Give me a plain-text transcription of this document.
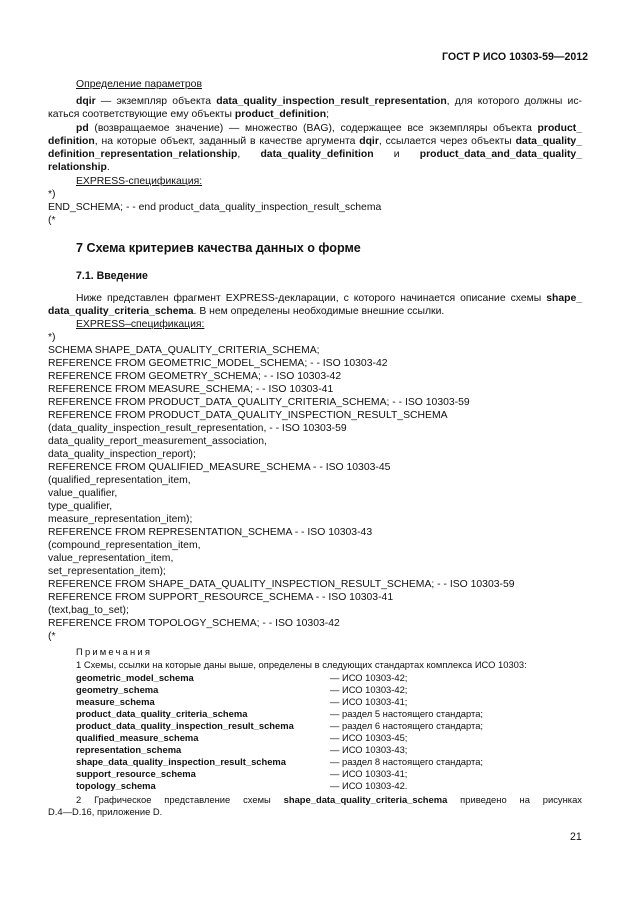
ГОСТ Р ИСО 10303-59—2012
Определение параметров
dqir — экземпляр объекта data_quality_inspection_result_representation, для которого должны ис-
каться соответствующие ему объекты product_definition;
pd (возвращаемое значение) — множество (BAG), содержащее все экземпляры объекта product_
definition, на которые объект, заданный в качестве аргумента dqir, ссылается через объекты data_quality_
definition_representation_relationship, data_quality_definition и product_data_and_data_quality_
relationship.
EXPRESS-спецификация:
*)
END_SCHEMA; - - end product_data_quality_inspection_result_schema
(*
7 Схема критериев качества данных о форме
7.1. Введение
Ниже представлен фрагмент EXPRESS-декларации, с которого начинается описание схемы shape_
data_quality_criteria_schema. В нем определены необходимые внешние ссылки.
EXPRESS–спецификация:
*)
SCHEMA SHAPE_DATA_QUALITY_CRITERIA_SCHEMA;
REFERENCE FROM GEOMETRIC_MODEL_SCHEMA; - - ISO 10303-42
REFERENCE FROM GEOMETRY_SCHEMA; - - ISO 10303-42
REFERENCE FROM MEASURE_SCHEMA; - - ISO 10303-41
REFERENCE FROM PRODUCT_DATA_QUALITY_CRITERIA_SCHEMA; - - ISO 10303-59
REFERENCE FROM PRODUCT_DATA_QUALITY_INSPECTION_RESULT_SCHEMA
(data_quality_inspection_result_representation, - - ISO 10303-59
data_quality_report_measurement_association,
data_quality_inspection_report);
REFERENCE FROM QUALIFIED_MEASURE_SCHEMA - - ISO 10303-45
(qualified_representation_item,
value_qualifier,
type_qualifier,
measure_representation_item);
REFERENCE FROM REPRESENTATION_SCHEMA - - ISO 10303-43
(compound_representation_item,
value_representation_item,
set_representation_item);
REFERENCE FROM SHAPE_DATA_QUALITY_INSPECTION_RESULT_SCHEMA; - - ISO 10303-59
REFERENCE FROM SUPPORT_RESOURCE_SCHEMA - - ISO 10303-41
(text,bag_to_set);
REFERENCE FROM TOPOLOGY_SCHEMA; - - ISO 10303-42
(*
Примечания
1 Схемы, ссылки на которые даны выше, определены в следующих стандартах комплекса ИСО 10303:
geometric_model_schema	— ИСО 10303-42;
geometry_schema	— ИСО 10303-42;
measure_schema	— ИСО 10303-41;
product_data_quality_criteria_schema	— раздел 5 настоящего стандарта;
product_data_quality_inspection_result_schema	— раздел 6 настоящего стандарта;
qualified_measure_schema	— ИСО 10303-45;
representation_schema	— ИСО 10303-43;
shape_data_quality_inspection_result_schema	— раздел 8 настоящего стандарта;
support_resource_schema	— ИСО 10303-41;
topology_schema	— ИСО 10303-42.
2 Графическое представление схемы shape_data_quality_criteria_schema приведено на рисунках
D.4—D.16, приложение D.
21
